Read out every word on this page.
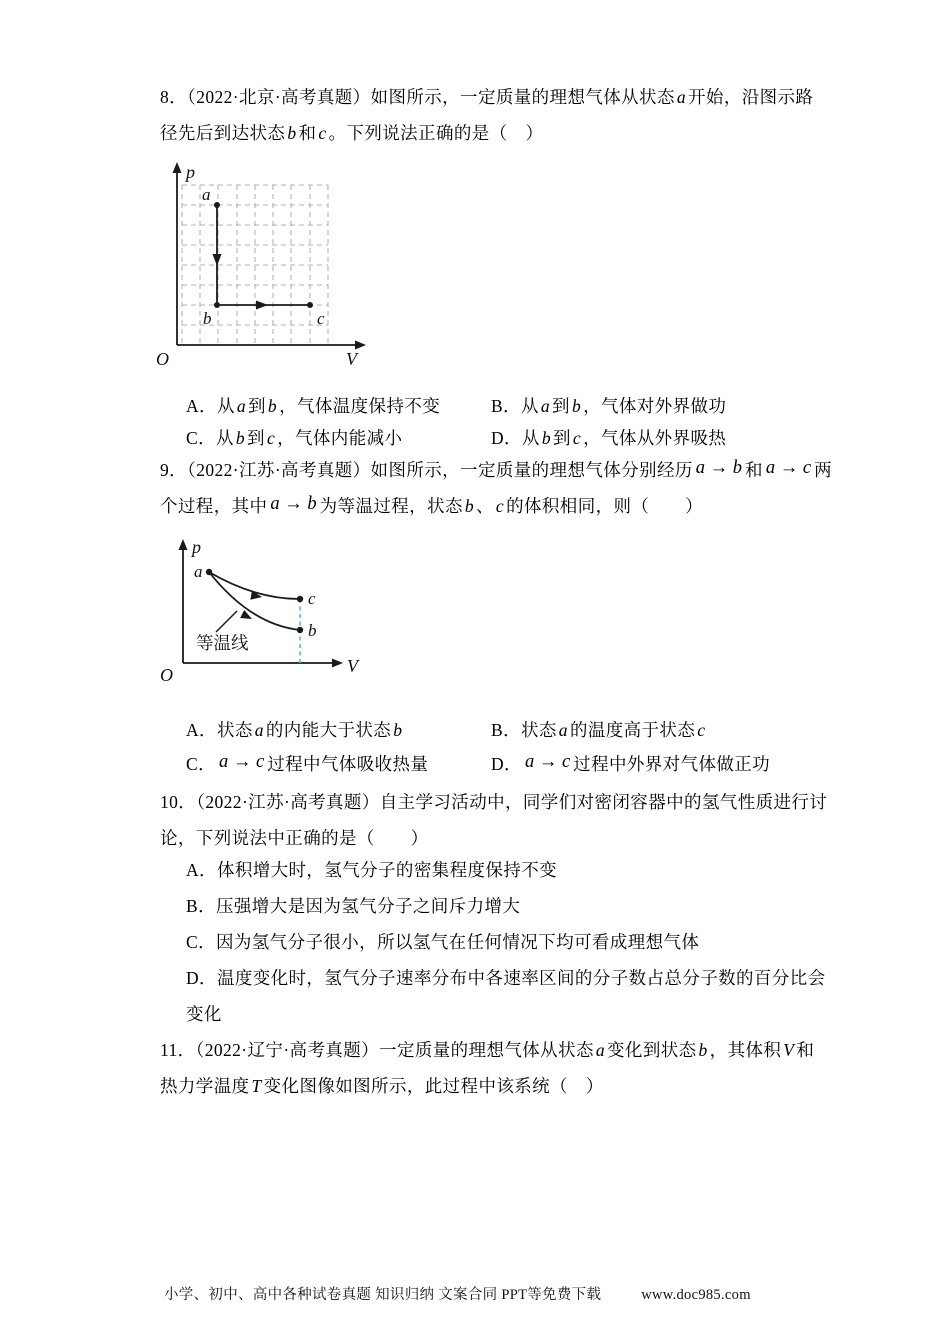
8．（2022·北京·高考真题）如图所示，一定质量的理想气体从状态 a 开始，沿图示路
径先后到达状态 b 和 c 。下列说法正确的是（　）
p
V
O
a
b	c
A．从 a 到 b ，气体温度保持不变	B．从 a 到 b ，气体对外界做功
C．从 b 到 c ，气体内能减小	D．从 b 到 c ，气体从外界吸热
9．（2022·江苏·高考真题）如图所示，一定质量的理想气体分别经历 a → b 和 a → c 两
个过程，其中 a → b 为等温过程，状态 b 、 c 的体积相同，则（　　）
p
V
O
a
c
b
等温线
A．状态 a 的内能大于状态 b	B．状态 a 的温度高于状态 c
C． a → c 过程中气体吸收热量	D． a → c 过程中外界对气体做正功
10．（2022·江苏·高考真题）自主学习活动中，同学们对密闭容器中的氢气性质进行讨
论，下列说法中正确的是（　　）
A．体积增大时，氢气分子的密集程度保持不变
B．压强增大是因为氢气分子之间斥力增大
C．因为氢气分子很小，所以氢气在任何情况下均可看成理想气体
D．温度变化时，氢气分子速率分布中各速率区间的分子数占总分子数的百分比会
变化
11．（2022·辽宁·高考真题）一定质量的理想气体从状态 a 变化到状态 b ，其体积 V 和
热力学温度 T 变化图像如图所示，此过程中该系统（　）
小学、初中、高中各种试卷真题 知识归纳 文案合同 PPT等免费下载	www.doc985.com
